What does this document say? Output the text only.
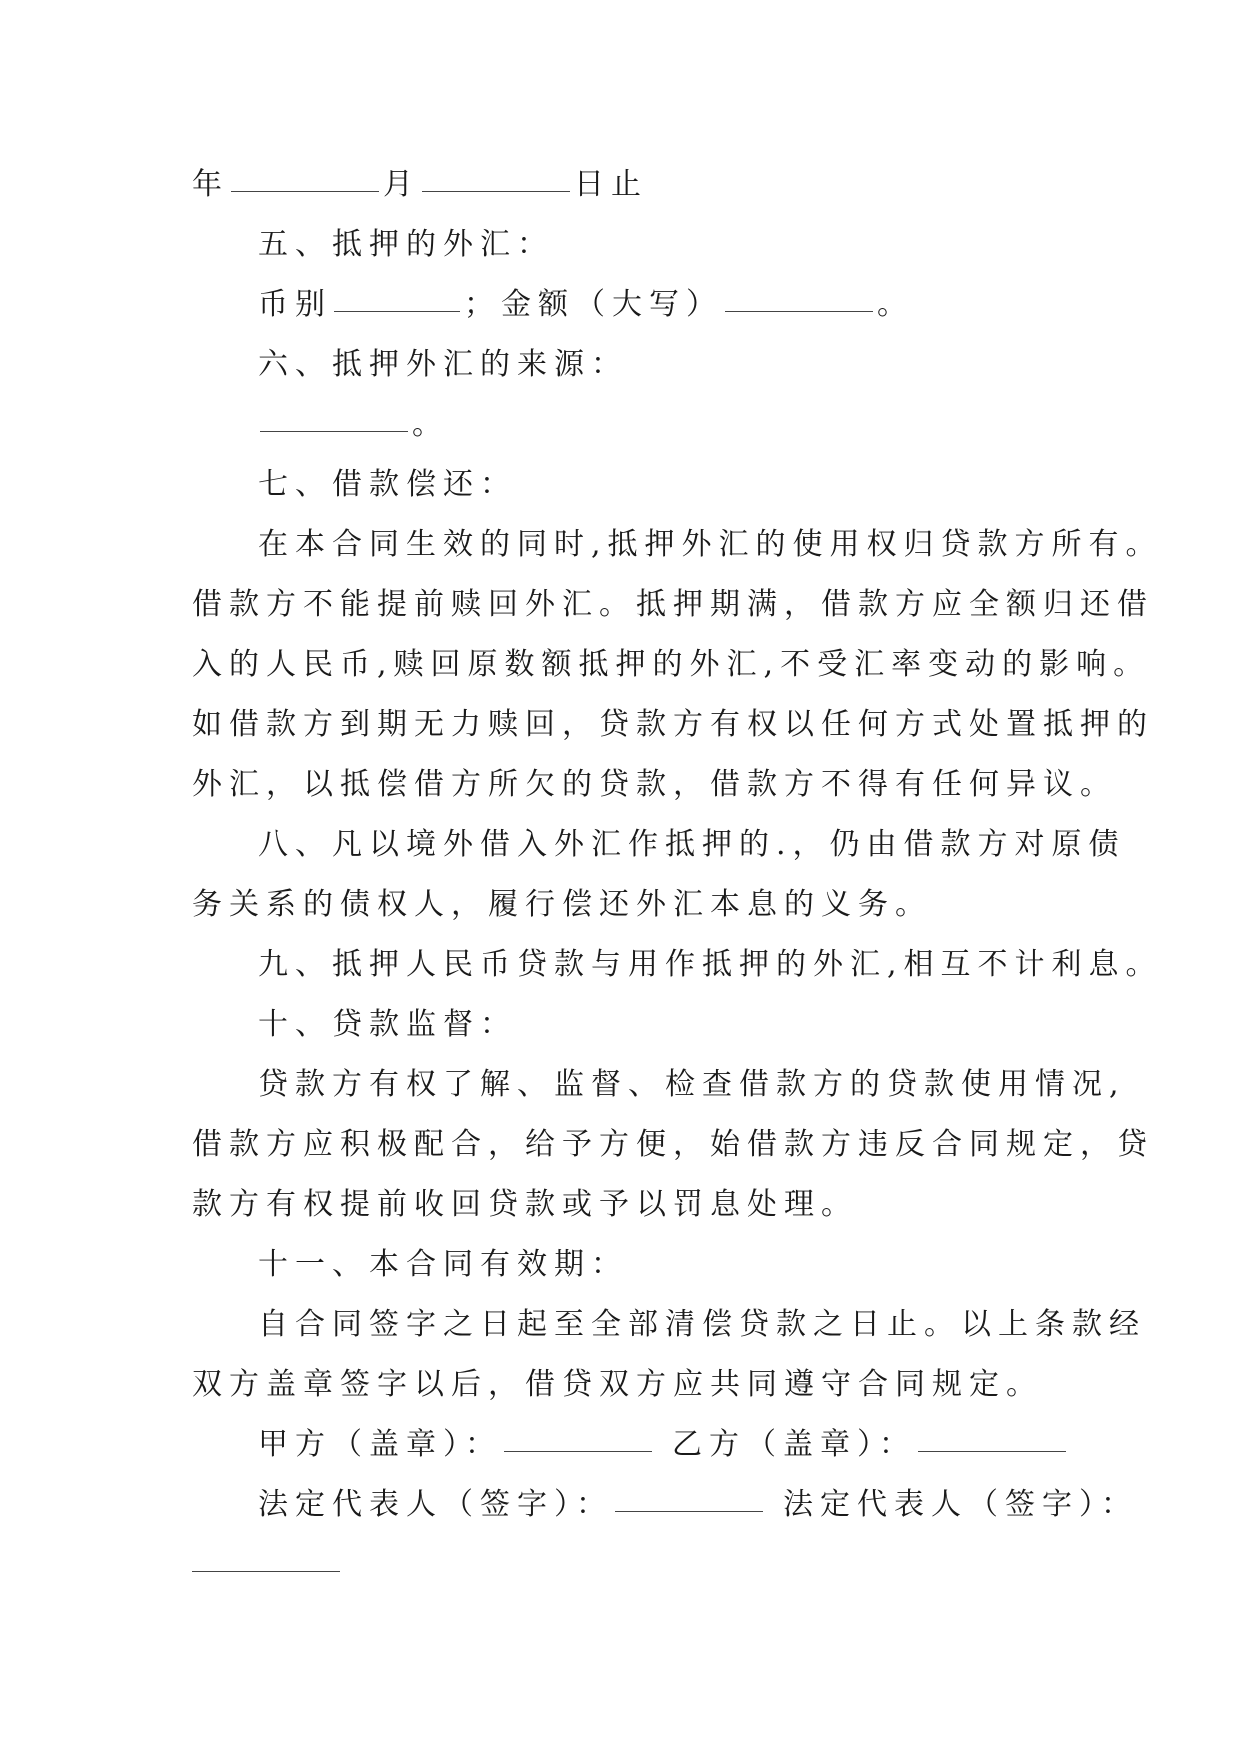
年	月	日止

五、抵押的外汇：

币别	；金额（大写）	。

六、抵押外汇的来源：

。

七、借款偿还：

在本合同生效的同时,抵押外汇的使用权归贷款方所有。

借款方不能提前赎回外汇。抵押期满，借款方应全额归还借

入的人民币,赎回原数额抵押的外汇,不受汇率变动的影响。

如借款方到期无力赎回，贷款方有权以任何方式处置抵押的

外汇，以抵偿借方所欠的贷款，借款方不得有任何异议。

八、凡以境外借入外汇作抵押的.，仍由借款方对原债

务关系的债权人，履行偿还外汇本息的义务。

九、抵押人民币贷款与用作抵押的外汇,相互不计利息。

十、贷款监督：

贷款方有权了解、监督、检查借款方的贷款使用情况,

借款方应积极配合，给予方便，始借款方违反合同规定，贷

款方有权提前收回贷款或予以罚息处理。

十一、本合同有效期：

自合同签字之日起至全部清偿贷款之日止。以上条款经

双方盖章签字以后，借贷双方应共同遵守合同规定。

甲方（盖章）：	乙方（盖章）：

法定代表人（签字）：	法定代表人（签字）：
